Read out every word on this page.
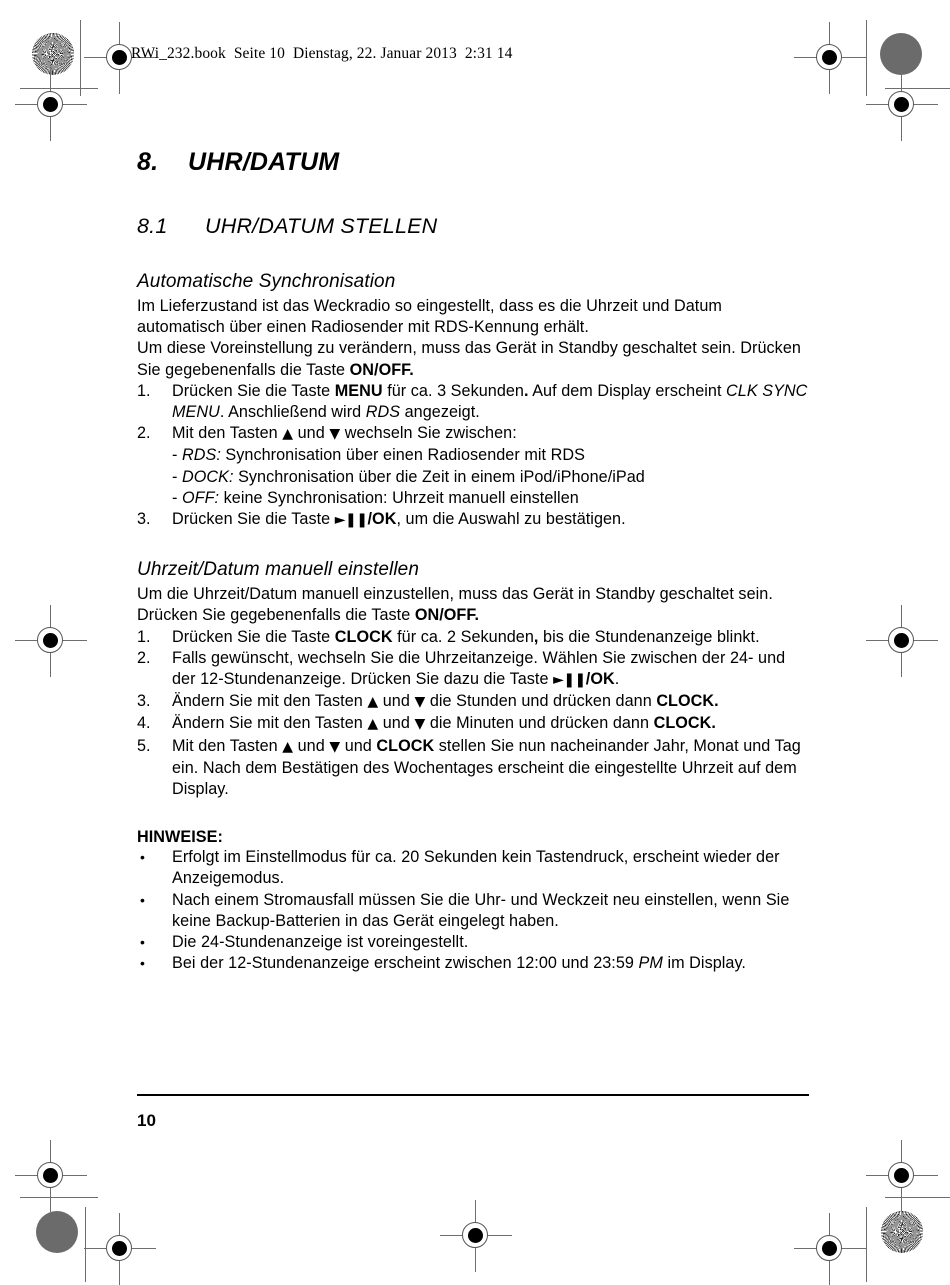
RWi_232.book  Seite 10  Dienstag, 22. Januar 2013  2:31 14
8.	UHR/DATUM
8.1	UHR/DATUM STELLEN
Automatische Synchronisation

Im Lieferzustand ist das Weckradio so eingestellt, dass es die Uhrzeit und Datum automatisch über einen Radiosender mit RDS-Kennung erhält.

Um diese Voreinstellung zu verändern, muss das Gerät in Standby geschaltet sein. Drücken Sie gegebenenfalls die Taste ON/OFF.

1.	Drücken Sie die Taste MENU für ca. 3 Sekunden. Auf dem Display erscheint CLK SYNC MENU. Anschließend wird RDS angezeigt.
2.	Mit den Tasten ▲ und ▼ wechseln Sie zwischen:
- RDS: Synchronisation über einen Radiosender mit RDS
- DOCK: Synchronisation über die Zeit in einem iPod/iPhone/iPad
- OFF: keine Synchronisation: Uhrzeit manuell einstellen
3.	Drücken Sie die Taste ►❚❚/OK, um die Auswahl zu bestätigen.
Uhrzeit/Datum manuell einstellen

Um die Uhrzeit/Datum manuell einzustellen, muss das Gerät in Standby geschaltet sein. Drücken Sie gegebenenfalls die Taste ON/OFF.

1.	Drücken Sie die Taste CLOCK für ca. 2 Sekunden, bis die Stundenanzeige blinkt.
2.	Falls gewünscht, wechseln Sie die Uhrzeitanzeige. Wählen Sie zwischen der 24- und der 12-Stundenanzeige. Drücken Sie dazu die Taste ►❚❚/OK.
3.	Ändern Sie mit den Tasten ▲ und ▼ die Stunden und drücken dann CLOCK.
4.	Ändern Sie mit den Tasten ▲ und ▼ die Minuten und drücken dann CLOCK.
5.	Mit den Tasten ▲ und ▼ und CLOCK stellen Sie nun nacheinander Jahr, Monat und Tag ein. Nach dem Bestätigen des Wochentages erscheint die eingestellte Uhrzeit auf dem Display.
HINWEISE:
•	Erfolgt im Einstellmodus für ca. 20 Sekunden kein Tastendruck, erscheint wieder der Anzeigemodus.
•	Nach einem Stromausfall müssen Sie die Uhr- und Weckzeit neu einstellen, wenn Sie keine Backup-Batterien in das Gerät eingelegt haben.
•	Die 24-Stundenanzeige ist voreingestellt.
•	Bei der 12-Stundenanzeige erscheint zwischen 12:00 und 23:59 PM im Display.
10
